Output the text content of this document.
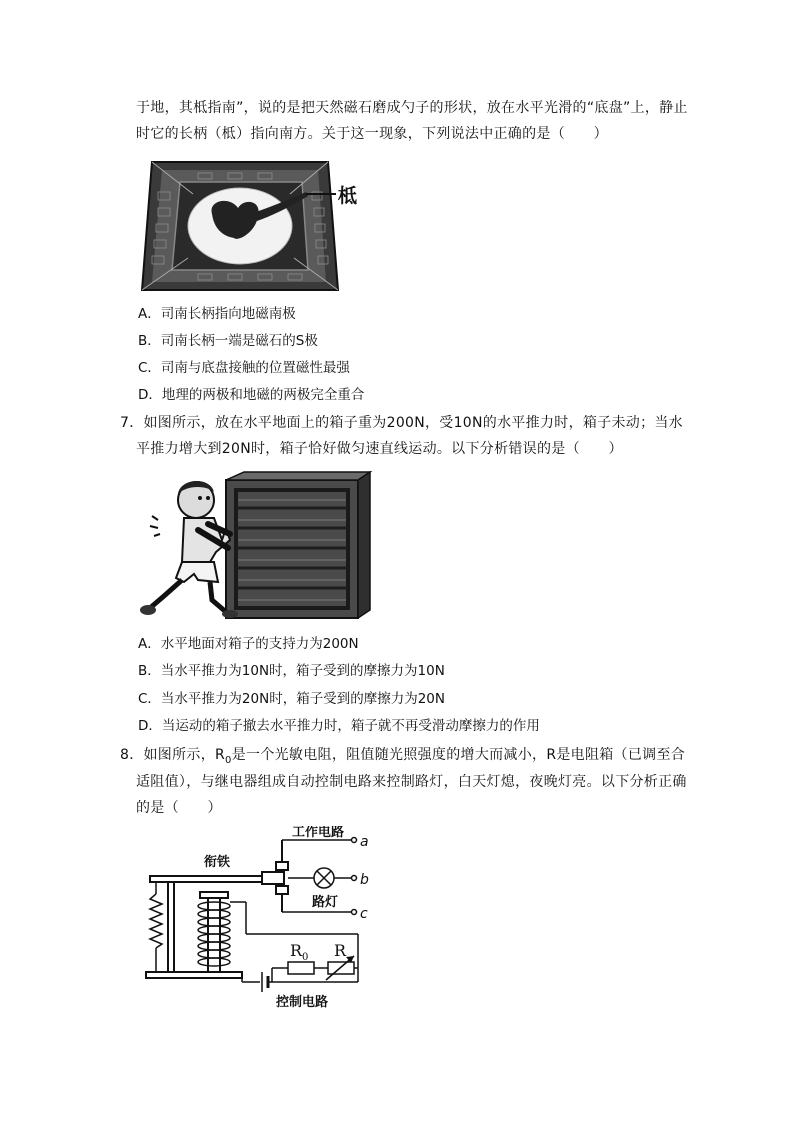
于地，其柢指南”，说的是把天然磁石磨成勺子的形状，放在水平光滑的“底盘”上，静止
时它的长柄（柢）指向南方。关于这一现象，下列说法中正确的是（　　）
柢
A．司南长柄指向地磁南极
B．司南长柄一端是磁石的S极
C．司南与底盘接触的位置磁性最强
D．地理的两极和地磁的两极完全重合
7．如图所示，放在水平地面上的箱子重为200N，受10N的水平推力时，箱子未动；当水
平推力增大到20N时，箱子恰好做匀速直线运动。以下分析错误的是（　　）
A．水平地面对箱子的支持力为200N
B．当水平推力为10N时，箱子受到的摩擦力为10N
C．当水平推力为20N时，箱子受到的摩擦力为20N
D．当运动的箱子撤去水平推力时，箱子就不再受滑动摩擦力的作用
8．如图所示，$R_0$是一个光敏电阻，阻值随光照强度的增大而减小，R是电阻箱（已调至合
适阻值），与继电器组成自动控制电路来控制路灯，白天灯熄，夜晚灯亮。以下分析正确
的是（　　）
衔铁
工作电路
路灯
a
b
c
$R_0$ R
控制电路
